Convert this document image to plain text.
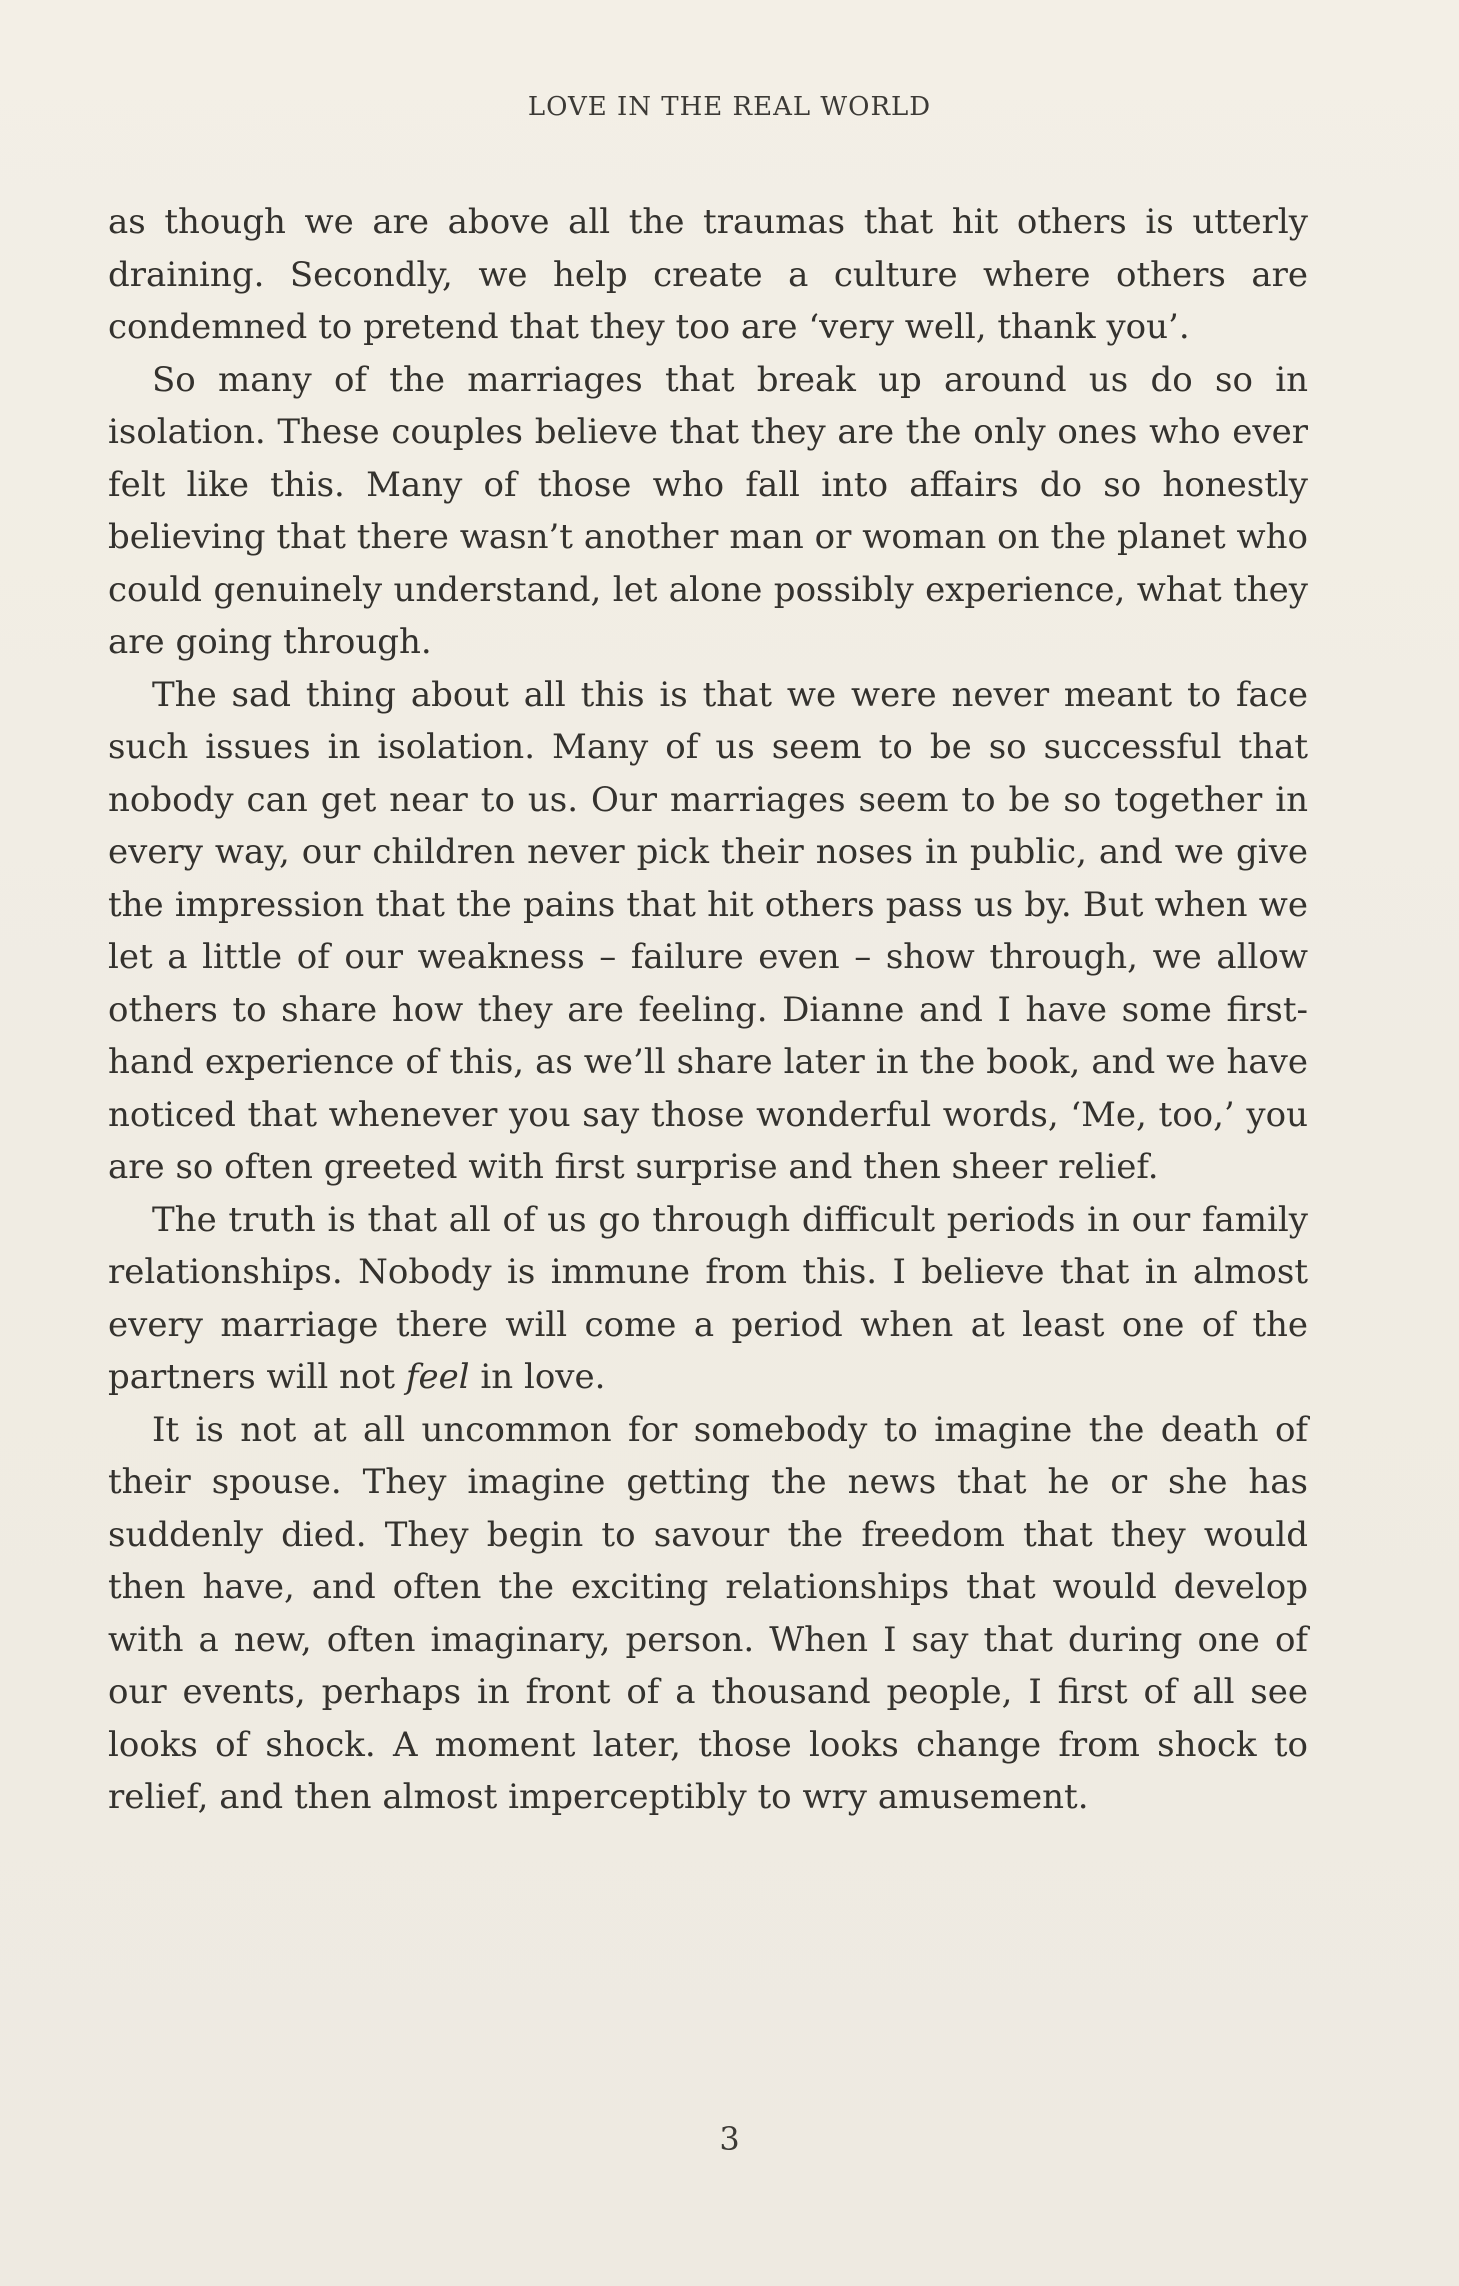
LOVE IN THE REAL WORLD

as though we are above all the traumas that hit others is utterly draining. Secondly, we help create a culture where others are condemned to pretend that they too are ‘very well, thank you’.

So many of the marriages that break up around us do so in isolation. These couples believe that they are the only ones who ever felt like this. Many of those who fall into affairs do so honestly believing that there wasn’t another man or woman on the planet who could genuinely understand, let alone possibly experience, what they are going through.

The sad thing about all this is that we were never meant to face such issues in isolation. Many of us seem to be so successful that nobody can get near to us. Our marriages seem to be so together in every way, our children never pick their noses in public, and we give the impression that the pains that hit others pass us by. But when we let a little of our weakness – failure even – show through, we allow others to share how they are feeling. Dianne and I have some first-hand experience of this, as we’ll share later in the book, and we have noticed that whenever you say those wonderful words, ‘Me, too,’ you are so often greeted with first surprise and then sheer relief.

The truth is that all of us go through difficult periods in our family relationships. Nobody is immune from this. I believe that in almost every marriage there will come a period when at least one of the partners will not feel in love.

It is not at all uncommon for somebody to imagine the death of their spouse. They imagine getting the news that he or she has suddenly died. They begin to savour the freedom that they would then have, and often the exciting relationships that would develop with a new, often imaginary, person. When I say that during one of our events, perhaps in front of a thousand people, I first of all see looks of shock. A moment later, those looks change from shock to relief, and then almost imperceptibly to wry amusement.

3
